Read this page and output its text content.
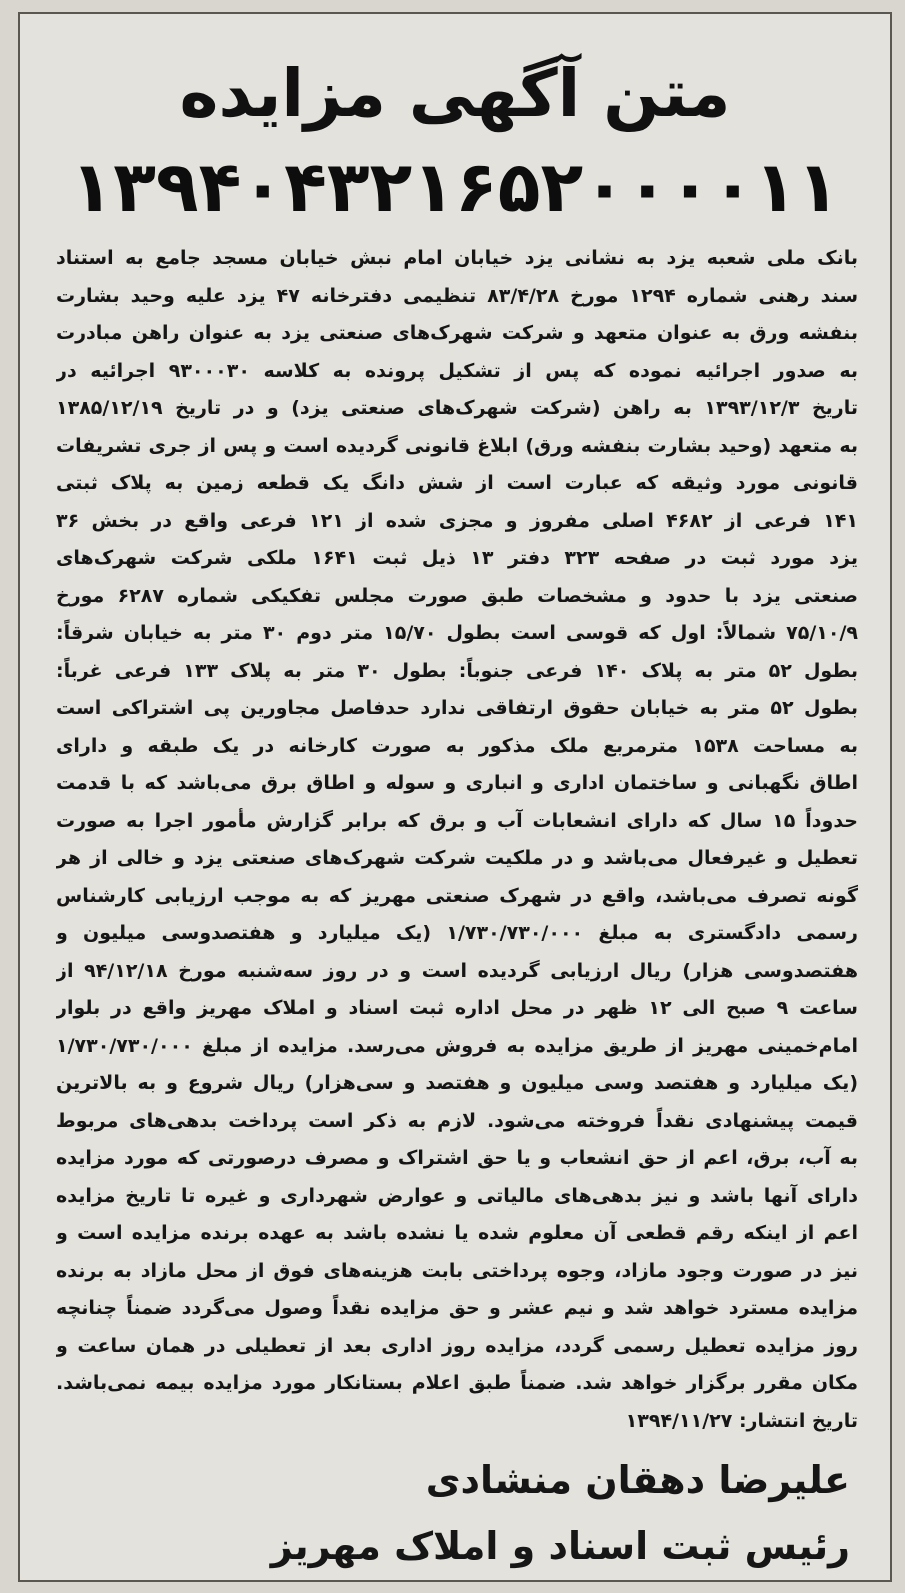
متن آگهی مزایده
۱۳۹۴۰۴۳۲۱۶۵۲۰۰۰۰۱۱
بانک ملی شعبه یزد به نشانی یزد خیابان امام نبش خیابان مسجد جامع به استناد
سند رهنی شماره ۱۲۹۴ مورخ ۸۳/۴/۲۸ تنظیمی دفترخانه ۴۷ یزد علیه وحید بشارت
بنفشه ورق به عنوان متعهد و شرکت شهرک‌های صنعتی یزد به عنوان راهن مبادرت
به صدور اجرائیه نموده که پس از تشکیل پرونده به کلاسه ۹۳۰۰۰۳۰ اجرائیه در
تاریخ ۱۳۹۳/۱۲/۳ به راهن (شرکت شهرک‌های صنعتی یزد) و در تاریخ ۱۳۸۵/۱۲/۱۹
به متعهد (وحید بشارت بنفشه ورق) ابلاغ قانونی گردیده است و پس از جری تشریفات
قانونی مورد وثیقه که عبارت است از شش دانگ یک قطعه زمین به پلاک ثبتی
۱۴۱ فرعی از ۴۶۸۲ اصلی مفروز و مجزی شده از ۱۲۱ فرعی واقع در بخش ۳۶
یزد مورد ثبت در صفحه ۳۲۳ دفتر ۱۳ ذیل ثبت ۱۶۴۱ ملکی شرکت شهرک‌های
صنعتی یزد با حدود و مشخصات طبق صورت مجلس تفکیکی شماره ۶۲۸۷ مورخ
۷۵/۱۰/۹ شمالاً: اول که قوسی است بطول ۱۵/۷۰ متر دوم ۳۰ متر به خیابان شرقاً:
بطول ۵۲ متر به پلاک ۱۴۰ فرعی جنوباً: بطول ۳۰ متر به پلاک ۱۳۳ فرعی غرباً:
بطول ۵۲ متر به خیابان حقوق ارتفاقی ندارد حدفاصل مجاورین پی اشتراکی است
به مساحت ۱۵۳۸ مترمربع ملک مذکور به صورت کارخانه در یک طبقه و دارای
اطاق نگهبانی و ساختمان اداری و انباری و سوله و اطاق برق می‌باشد که با قدمت
حدوداً ۱۵ سال که دارای انشعابات آب و برق که برابر گزارش مأمور اجرا به صورت
تعطیل و غیرفعال می‌باشد و در ملکیت شرکت شهرک‌های صنعتی یزد و خالی از هر
گونه تصرف می‌باشد، واقع در شهرک صنعتی مهریز که به موجب ارزیابی کارشناس
رسمی دادگستری به مبلغ ۱/۷۳۰/۷۳۰/۰۰۰ (یک میلیارد و هفتصدوسی میلیون و
هفتصدوسی هزار) ریال ارزیابی گردیده است و در روز سه‌شنبه مورخ ۹۴/۱۲/۱۸ از
ساعت ۹ صبح الی ۱۲ ظهر در محل اداره ثبت اسناد و املاک مهریز واقع در بلوار
امام‌خمینی مهریز از طریق مزایده به فروش می‌رسد. مزایده از مبلغ ۱/۷۳۰/۷۳۰/۰۰۰
(یک میلیارد و هفتصد وسی میلیون و هفتصد و سی‌هزار) ریال شروع و به بالاترین
قیمت پیشنهادی نقداً فروخته می‌شود. لازم به ذکر است پرداخت بدهی‌های مربوط
به آب، برق، اعم از حق انشعاب و یا حق اشتراک و مصرف درصورتی که مورد مزایده
دارای آنها باشد و نیز بدهی‌های مالیاتی و عوارض شهرداری و غیره تا تاریخ مزایده
اعم از اینکه رقم قطعی آن معلوم شده یا نشده باشد به عهده برنده مزایده است و
نیز در صورت وجود مازاد، وجوه پرداختی بابت هزینه‌های فوق از محل مازاد به برنده
مزایده مسترد خواهد شد و نیم عشر و حق مزایده نقداً وصول می‌گردد ضمناً چنانچه
روز مزایده تعطیل رسمی گردد، مزایده روز اداری بعد از تعطیلی در همان ساعت و
مکان مقرر برگزار خواهد شد. ضمناً طبق اعلام بستانکار مورد مزایده بیمه نمی‌باشد.
تاریخ انتشار: ۱۳۹۴/۱۱/۲۷
علیرضا دهقان منشادی
رئیس ثبت اسناد و املاک مهریز
